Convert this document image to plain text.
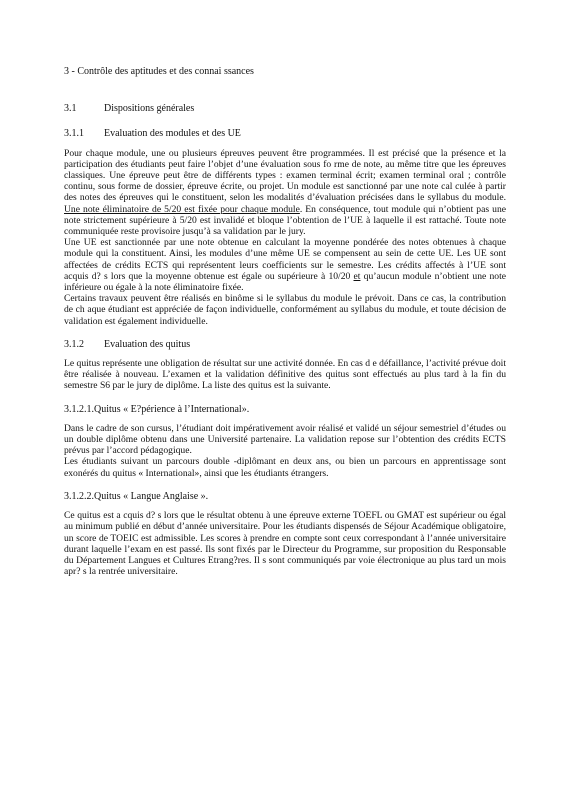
3 - Contrôle des aptitudes et des connai ssances
3.1	Dispositions générales
3.1.1 Evaluation des modules et des UE

Pour chaque module, une ou plusieurs épreuves peuvent être programmées. Il est précisé que la présence et la participation des étudiants peut faire l’objet d’une évaluation sous fo rme de note, au même titre que les épreuves classiques. Une épreuve peut être de différents types : examen terminal écrit; examen terminal oral ; contrôle continu, sous forme de dossier, épreuve écrite, ou projet. Un module est sanctionné par une note cal culée à partir des notes des épreuves qui le constituent, selon les modalités d’évaluation précisées dans le syllabus du module. Une note éliminatoire de 5/20 est fixée pour chaque module. En conséquence, tout module qui n’obtient pas une note strictement supérieure à 5/20 est invalidé et bloque l’obtention de l’UE à laquelle il est rattaché. Toute note communiquée reste provisoire jusqu’à sa validation par le jury.

Une UE est sanctionnée par une note obtenue en calculant la moyenne pondérée des notes obtenues à chaque module qui la constituent. Ainsi, les modules d’une même UE se compensent au sein de cette UE. Les UE sont affectées de crédits ECTS qui représentent leurs coefficients sur le semestre. Les crédits affectés à l’UE sont acquis d? s lors que la moyenne obtenue est égale ou supérieure à 10/20 et qu’aucun module n’obtient une note inférieure ou égale à la note éliminatoire fixée.

Certains travaux peuvent être réalisés en binôme si le syllabus du module le prévoit. Dans ce cas, la contribution de ch aque étudiant est appréciée de façon individuelle, conformément au syllabus du module, et toute décision de validation est également individuelle.

3.1.2 Evaluation des quitus

Le quitus représente une obligation de résultat sur une activité donnée. En cas d e défaillance, l’activité prévue doit être réalisée à nouveau. L’examen et la validation définitive des quitus sont effectués au plus tard à la fin du semestre S6 par le jury de diplôme. La liste des quitus est la suivante.

3.1.2.1.Quitus « E?périence à l’International».

Dans le cadre de son cursus, l’étudiant doit impérativement avoir réalisé et validé un séjour semestriel d’études ou un double diplôme obtenu dans une Université partenaire. La validation repose sur l’obtention des crédits ECTS prévus par l’accord pédagogique.

Les étudiants suivant un parcours double -diplômant en deux ans, ou bien un parcours en apprentissage sont exonérés du quitus « International», ainsi que les étudiants étrangers.

3.1.2.2.Quitus « Langue Anglaise ».

Ce quitus est a cquis d? s lors que le résultat obtenu à une épreuve externe TOEFL ou GMAT est supérieur ou égal au minimum publié en début d’année universitaire. Pour les étudiants dispensés de Séjour Académique obligatoire, un score de TOEIC est admissible. Les scores à prendre en compte sont ceux correspondant à l’année universitaire durant laquelle l’exam en est passé. Ils sont fixés par le Directeur du Programme, sur proposition du Responsable du Département Langues et Cultures Etrang?res. Il s sont communiqués par voie électronique au plus tard un mois apr? s la rentrée universitaire.
